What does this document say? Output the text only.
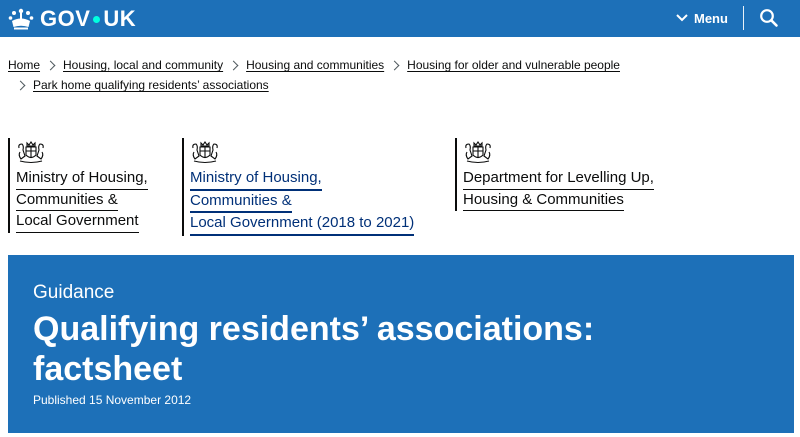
GOV UK	Menu
Home Housing, local and community Housing and communities Housing for older and vulnerable people
Park home qualifying residents’ associations
Ministry of Housing,
Communities &
Local Government
Ministry of Housing,
Communities &
Local Government (2018 to 2021)
Department for Levelling Up,
Housing & Communities
Guidance
Qualifying residents’ associations:
factsheet
Published 15 November 2012
